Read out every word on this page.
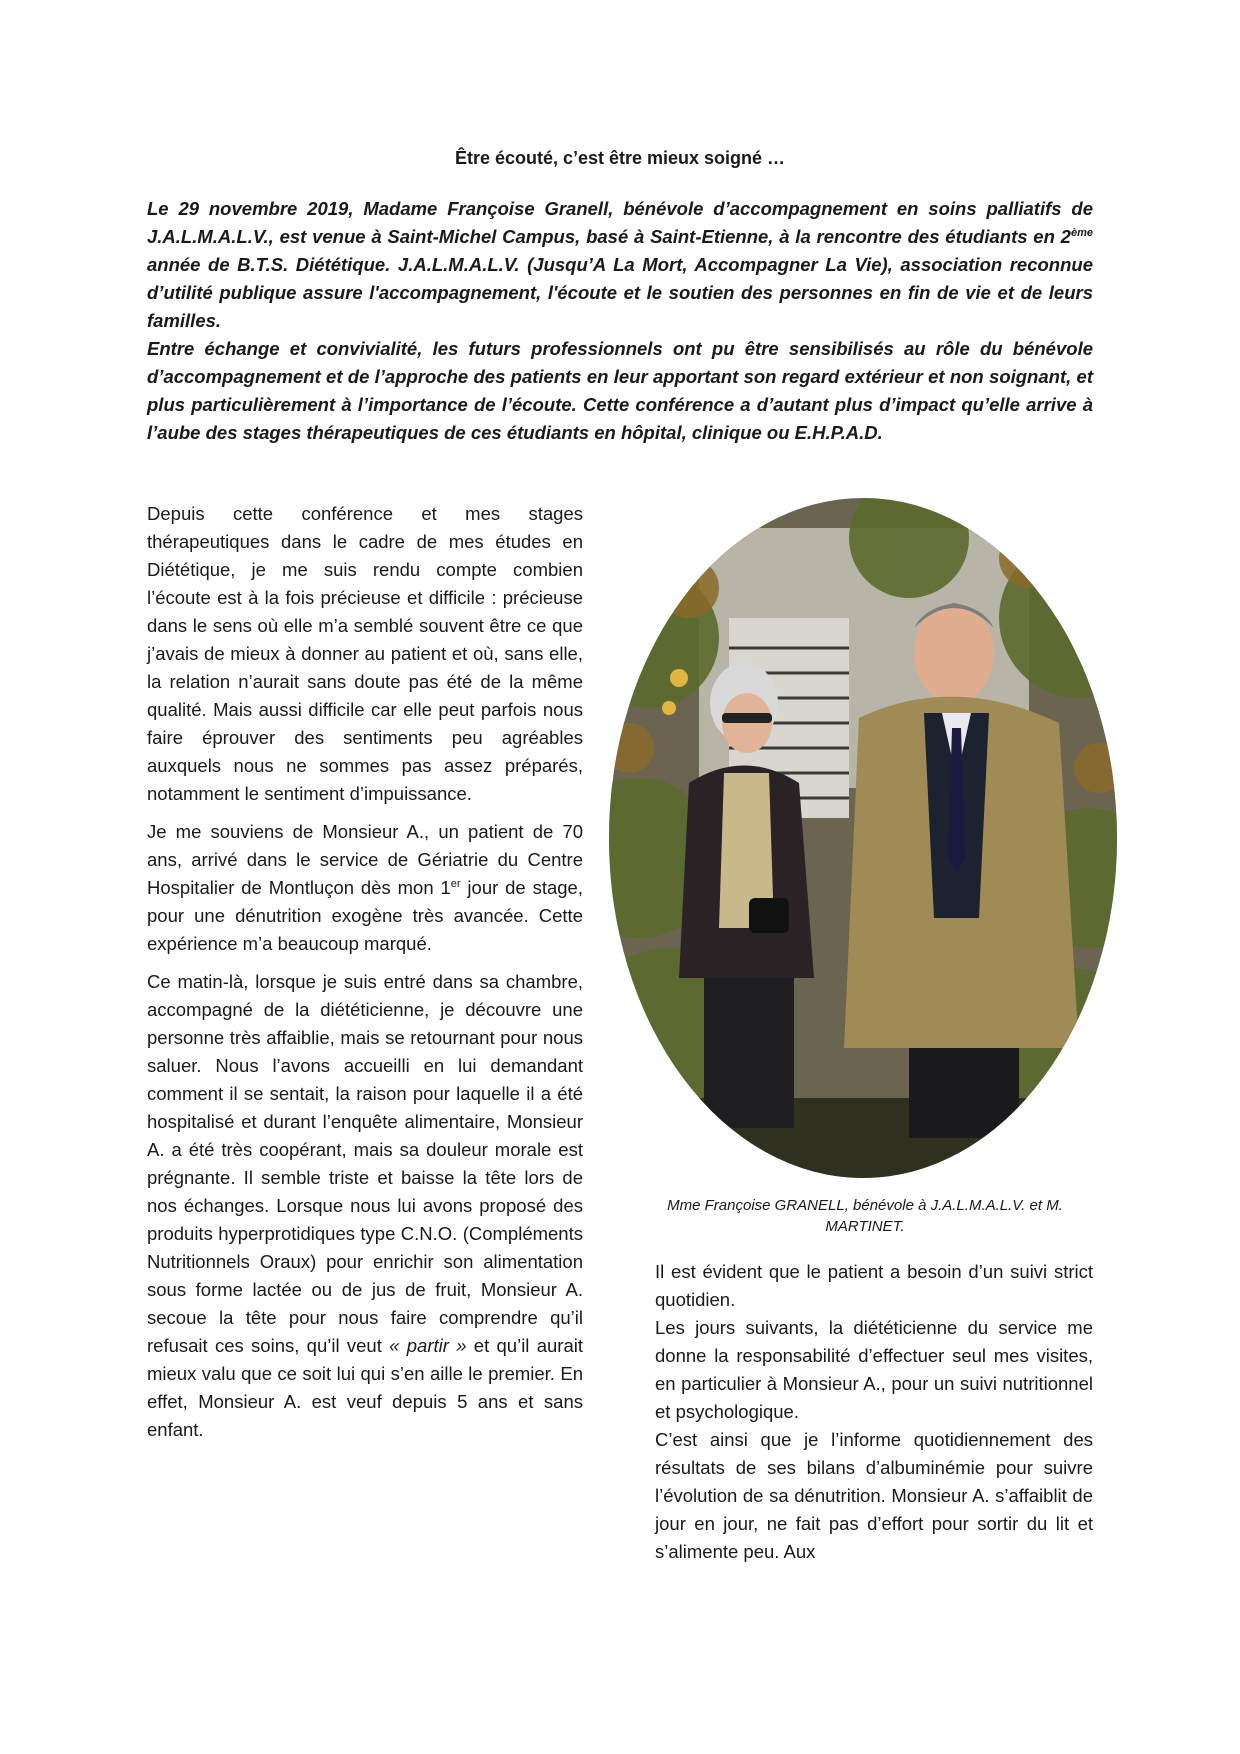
Être écouté, c’est être mieux soigné …

Le 29 novembre 2019, Madame Françoise Granell, bénévole d’accompagnement en soins palliatifs de J.A.L.M.A.L.V., est venue à Saint-Michel Campus, basé à Saint-Etienne, à la rencontre des étudiants en 2ème année de B.T.S. Diététique. J.A.L.M.A.L.V. (Jusqu’A La Mort, Accompagner La Vie), association reconnue d’utilité publique assure l'accompagnement, l'écoute et le soutien des personnes en fin de vie et de leurs familles.

Entre échange et convivialité, les futurs professionnels ont pu être sensibilisés au rôle du bénévole d’accompagnement et de l’approche des patients en leur apportant son regard extérieur et non soignant, et plus particulièrement à l’importance de l’écoute. Cette conférence a d’autant plus d’impact qu’elle arrive à l’aube des stages thérapeutiques de ces étudiants en hôpital, clinique ou E.H.P.A.D.

Depuis cette conférence et mes stages thérapeutiques dans le cadre de mes études en Diététique, je me suis rendu compte combien l’écoute est à la fois précieuse et difficile : précieuse dans le sens où elle m’a semblé souvent être ce que j’avais de mieux à donner au patient et où, sans elle, la relation n’aurait sans doute pas été de la même qualité. Mais aussi difficile car elle peut parfois nous faire éprouver des sentiments peu agréables auxquels nous ne sommes pas assez préparés, notamment le sentiment d’impuissance.

Je me souviens de Monsieur A., un patient de 70 ans, arrivé dans le service de Gériatrie du Centre Hospitalier de Montluçon dès mon 1er jour de stage, pour une dénutrition exogène très avancée. Cette expérience m’a beaucoup marqué.

Ce matin-là, lorsque je suis entré dans sa chambre, accompagné de la diététicienne, je découvre une personne très affaiblie, mais se retournant pour nous saluer. Nous l’avons accueilli en lui demandant comment il se sentait, la raison pour laquelle il a été hospitalisé et durant l’enquête alimentaire, Monsieur A. a été très coopérant, mais sa douleur morale est prégnante. Il semble triste et baisse la tête lors de nos échanges. Lorsque nous lui avons proposé des produits hyperprotidiques type C.N.O. (Compléments Nutritionnels Oraux) pour enrichir son alimentation sous forme lactée ou de jus de fruit, Monsieur A. secoue la tête pour nous faire comprendre qu’il refusait ces soins, qu’il veut « partir » et qu’il aurait mieux valu que ce soit lui qui s’en aille le premier. En effet, Monsieur A. est veuf depuis 5 ans et sans enfant.

Mme Françoise GRANELL, bénévole à J.A.L.M.A.L.V. et M. MARTINET.

Il est évident que le patient a besoin d’un suivi strict quotidien.

Les jours suivants, la diététicienne du service me donne la responsabilité d’effectuer seul mes visites, en particulier à Monsieur A., pour un suivi nutritionnel et psychologique.

C’est ainsi que je l’informe quotidiennement des résultats de ses bilans d’albuminémie pour suivre l’évolution de sa dénutrition. Monsieur A. s’affaiblit de jour en jour, ne fait pas d’effort pour sortir du lit et s’alimente peu. Aux
